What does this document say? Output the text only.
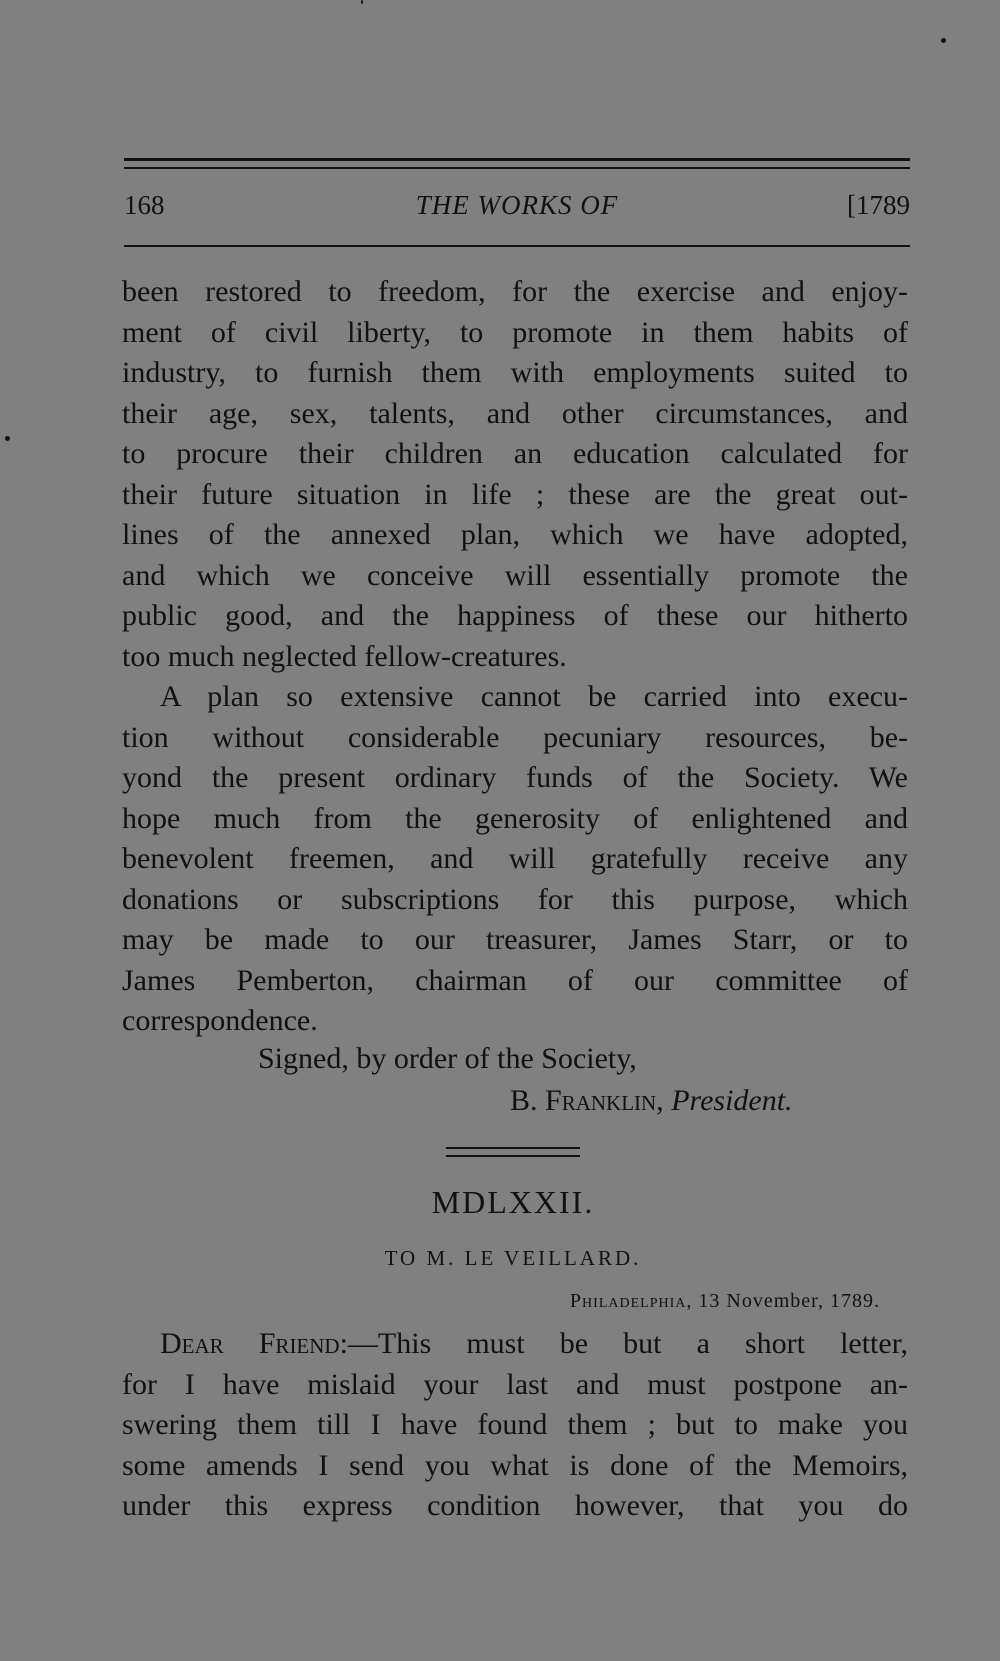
168	THE WORKS OF	[1789
been restored to freedom, for the exercise and enjoy-
ment of civil liberty, to promote in them habits of
industry, to furnish them with employments suited to
their age, sex, talents, and other circumstances, and
to procure their children an education calculated for
their future situation in life ; these are the great out-
lines of the annexed plan, which we have adopted,
and which we conceive will essentially promote the
public good, and the happiness of these our hitherto
too much neglected fellow-creatures.
A plan so extensive cannot be carried into execu-
tion without considerable pecuniary resources, be-
yond the present ordinary funds of the Society. We
hope much from the generosity of enlightened and
benevolent freemen, and will gratefully receive any
donations or subscriptions for this purpose, which
may be made to our treasurer, James Starr, or to
James Pemberton, chairman of our committee of
correspondence.
Signed, by order of the Society,
B. Franklin, President.
MDLXXII.
TO M. LE VEILLARD.
Philadelphia, 13 November, 1789.
Dear Friend:—This must be but a short letter,
for I have mislaid your last and must postpone an-
swering them till I have found them ; but to make you
some amends I send you what is done of the Memoirs,
under this express condition however, that you do
